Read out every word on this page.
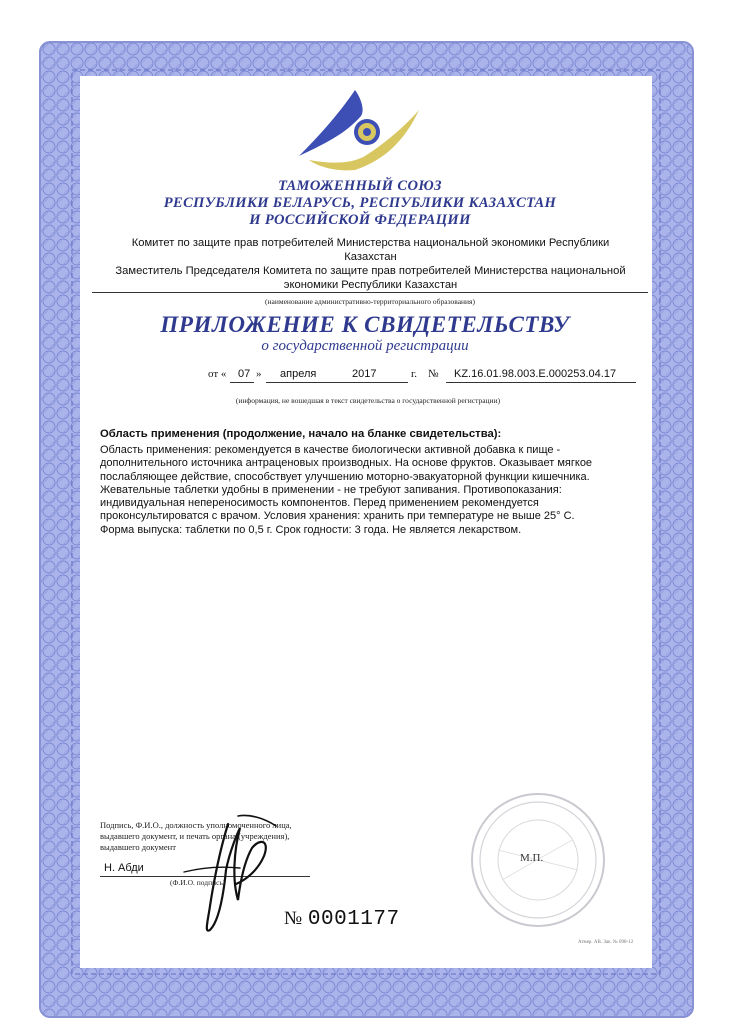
ТАМОЖЕННЫЙ СОЮЗ
РЕСПУБЛИКИ БЕЛАРУСЬ, РЕСПУБЛИКИ КАЗАХСТАН
И РОССИЙСКОЙ ФЕДЕРАЦИИ
Комитет по защите прав потребителей Министерства национальной экономики Республики
Казахстан
Заместитель Председателя Комитета по защите прав потребителей Министерства национальной
экономики Республики Казахстан
(наименование административно-территориального образования)
ПРИЛОЖЕНИЕ К СВИДЕТЕЛЬСТВУ
о государственной регистрации
от « 07 » апреля	2017	г. № KZ.16.01.98.003.E.000253.04.17
(информация, не вошедшая в текст свидетельства о государственной регистрации)
Область применения (продолжение, начало на бланке свидетельства):
Область применения: рекомендуется в качестве биологически активной добавка к пище -
дополнительного источника антраценовых производных. На основе фруктов. Оказывает мягкое
послабляющее действие, способствует улучшению моторно-эвакуаторной функции кишечника.
Жевательные таблетки удобны в применении - не требуют запивания. Противопоказания:
индивидуальная непереносимость компонентов. Перед применением рекомендуется
проконсультироватся с врачом. Условия хранения: хранить при температуре не выше 25° С.
Форма выпуска: таблетки по 0,5 г. Срок годности: 3 года. Не является лекарством.
Подпись, Ф.И.О., должность уполномоченного лица,
выдавшего документ, и печать органа (учреждения),
выдавшего документ
Н. Абди
(Ф.И.О. подпись)
№ 0001177
М.П.
Атмер. АВ. Зак. № 098-12
